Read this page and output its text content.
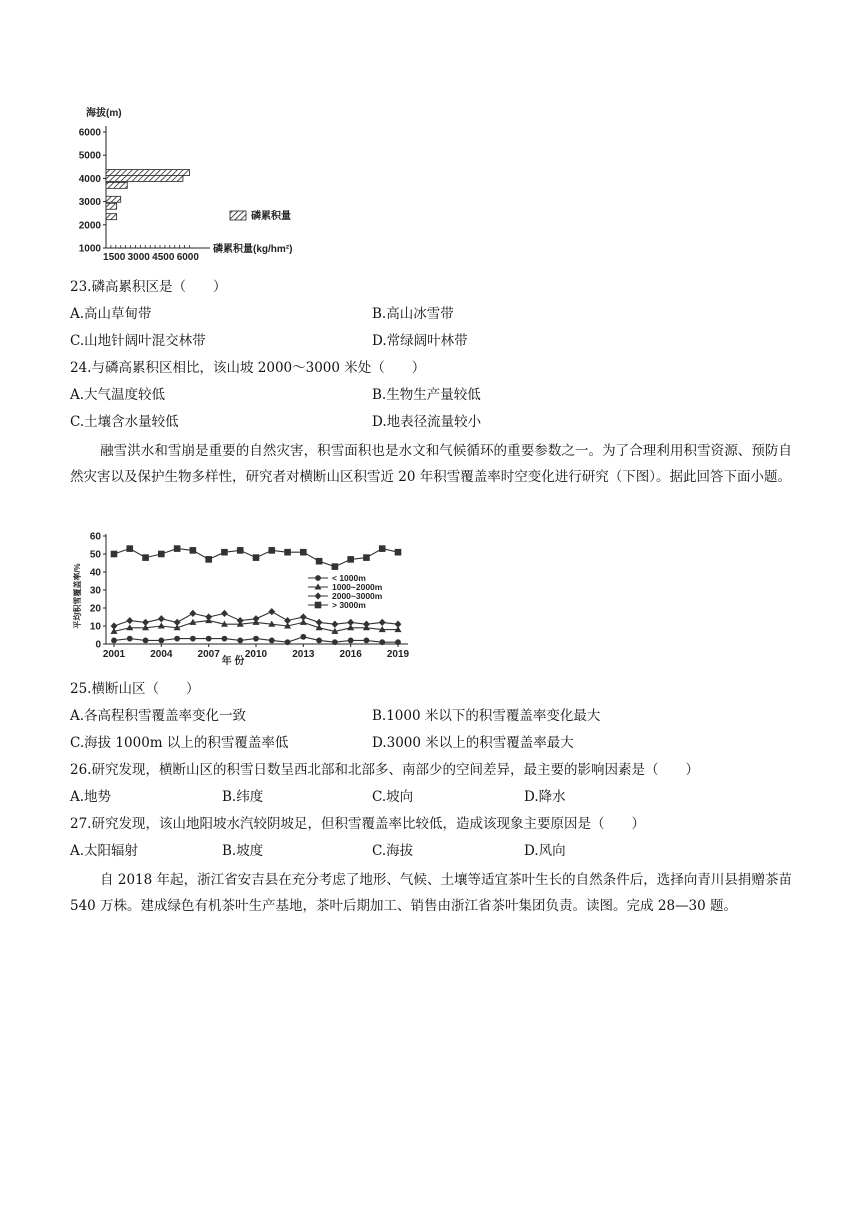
海拔(m)
6000
5000
4000
3000
2000
1000
1500 3000 4500 6000
磷累积量
磷累积量(kg/hm²)
23.磷高累积区是（　　）
A.高山草甸带	B.高山冰雪带
C.山地针阔叶混交林带	D.常绿阔叶林带
24.与磷高累积区相比，该山坡 2000～3000 米处（　　）
A.大气温度较低	B.生物生产量较低
C.土壤含水量较低	D.地表径流量较小
融雪洪水和雪崩是重要的自然灾害，积雪面积也是水文和气候循环的重要参数之一。为了合理利用积雪资源、预防自然灾害以及保护生物多样性，研究者对横断山区积雪近 20 年积雪覆盖率时空变化进行研究（下图）。据此回答下面小题。
平均积雪覆盖率/%
60
50
40
30
20
10
0
2001	2004	2007	2010	2013	2016	2019
< 1000m
1000~2000m
2000~3000m
> 3000m
年 份
25.横断山区（　　）
A.各高程积雪覆盖率变化一致	B.1000 米以下的积雪覆盖率变化最大
C.海拔 1000m 以上的积雪覆盖率低	D.3000 米以上的积雪覆盖率最大
26.研究发现，横断山区的积雪日数呈西北部和北部多、南部少的空间差异，最主要的影响因素是（　　）
A.地势	B.纬度	C.坡向	D.降水
27.研究发现，该山地阳坡水汽较阴坡足，但积雪覆盖率比较低，造成该现象主要原因是（　　）
A.太阳辐射	B.坡度	C.海拔	D.风向
自 2018 年起，浙江省安吉县在充分考虑了地形、气候、土壤等适宜茶叶生长的自然条件后，选择向青川县捐赠茶苗 540 万株。建成绿色有机茶叶生产基地，茶叶后期加工、销售由浙江省茶叶集团负责。读图。完成 28—30 题。
